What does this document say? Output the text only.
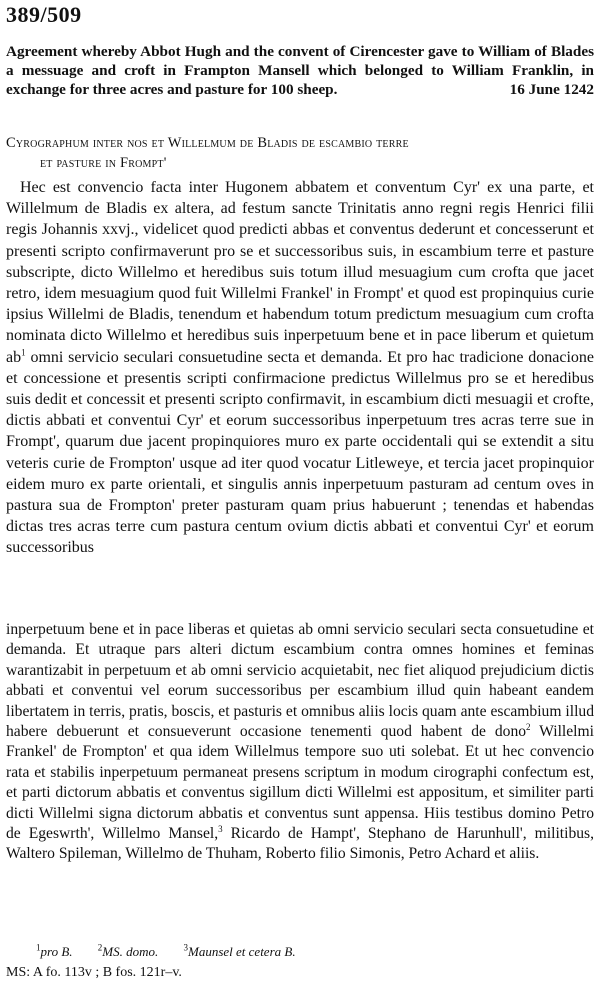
389/509
Agreement whereby Abbot Hugh and the convent of Cirencester gave to William of Blades a messuage and croft in Frampton Mansell which belonged to William Franklin, in exchange for three acres and pasture for 100 sheep.	16 June 1242
Cyrographum inter nos et Willelmum de Bladis de escambio terre
et pasture in Frompt'

Hec est convencio facta inter Hugonem abbatem et conventum Cyr' ex una parte, et Willelmum de Bladis ex altera, ad festum sancte Trinitatis anno regni regis Henrici filii regis Johannis xxvj., videlicet quod predicti abbas et conventus dederunt et concesserunt et presenti scripto confirmaverunt pro se et successoribus suis, in escambium terre et pasture subscripte, dicto Willelmo et heredibus suis totum illud mesuagium cum crofta que jacet retro, idem mesuagium quod fuit Willelmi Frankel' in Frompt' et quod est propinquius curie ipsius Willelmi de Bladis, tenendum et habendum totum predictum mesuagium cum crofta nominata dicto Willelmo et heredibus suis inperpetuum bene et in pace liberum et quietum $ab^1$ omni servicio seculari consuetudine secta et demanda. Et pro hac tradicione donacione et concessione et presentis scripti confirmacione predictus Willelmus pro se et heredibus suis dedit et concessit et presenti scripto confirmavit, in escambium dicti mesuagii et crofte, dictis abbati et conventui Cyr' et eorum successoribus inperpetuum tres acras terre sue in Frompt', quarum due jacent propinquiores muro ex parte occidentali qui se extendit a situ veteris curie de Frompton' usque ad iter quod vocatur Litleweye, et tercia jacet propinquior eidem muro ex parte orientali, et singulis annis inperpetuum pasturam ad centum oves in pastura sua de Frompton' preter pasturam quam prius habuerunt ; tenendas et habendas dictas tres acras terre cum pastura centum ovium dictis abbati et conventui Cyr' et eorum successoribus

inperpetuum bene et in pace liberas et quietas ab omni servicio seculari secta consuetudine et demanda. Et utraque pars alteri dictum escambium contra omnes homines et feminas warantizabit in perpetuum et ab omni servicio acquietabit, nec fiet aliquod prejudicium dictis abbati et conventui vel eorum successoribus per escambium illud quin habeant eandem libertatem in terris, pratis, boscis, et pasturis et omnibus aliis locis quam ante escambium illud habere debuerunt et consueverunt occasione tenementi quod habent de dono$^2$ Willelmi Frankel' de Frompton' et qua idem Willelmus tempore suo uti solebat. Et ut hec convencio rata et stabilis inperpetuum permaneat presens scriptum in modum cirographi confectum est, et parti dictorum abbatis et conventus sigillum dicti Willelmi est appositum, et similiter parti dicti Willelmi signa dictorum abbatis et conventus sunt appensa. Hiis testibus domino Petro de Egeswrth', Willelmo Mansel,$^3$ Ricardo de Hampt', Stephano de Harunhull', militibus, Waltero Spileman, Willelmo de Thuham, Roberto filio Simonis, Petro Achard et aliis.

$^1$pro B.	$^2$MS. domo.	$^3$Maunsel et cetera B.
MS: A fo. 113v ; B fos. 121r–v.
